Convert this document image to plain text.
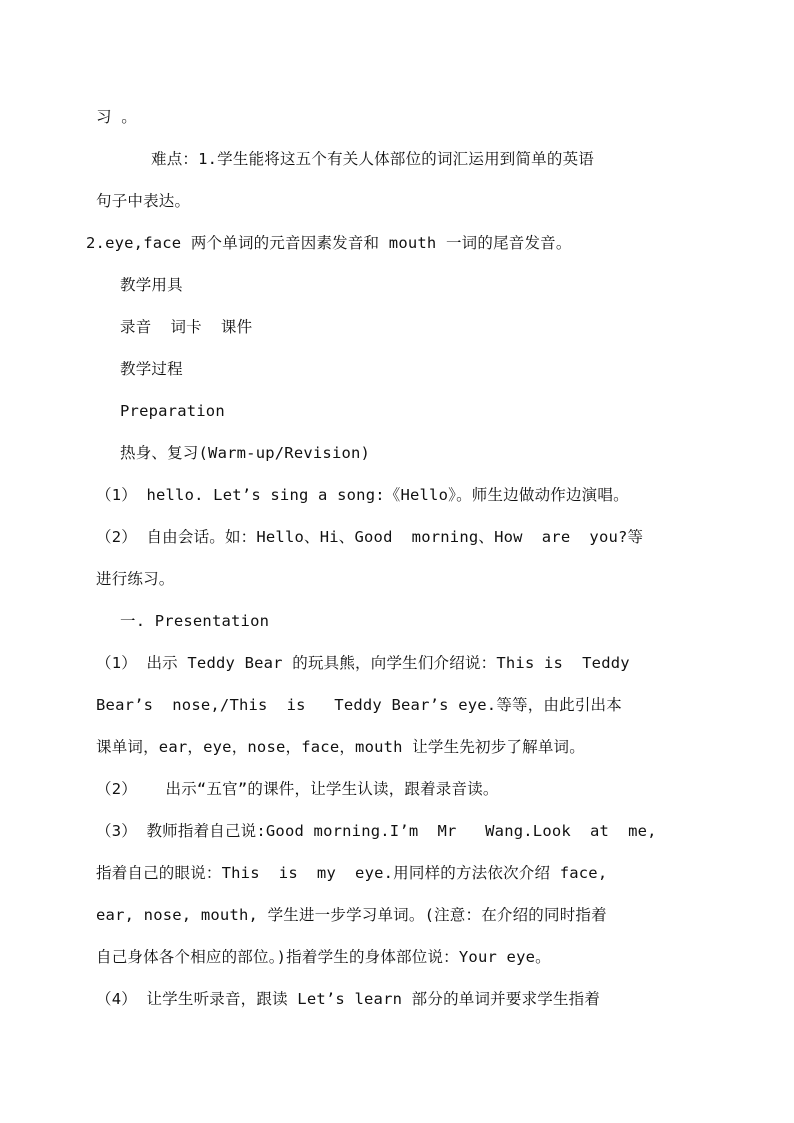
习 。
难点：1.学生能将这五个有关人体部位的词汇运用到简单的英语
句子中表达。
2.eye,face 两个单词的元音因素发音和 mouth 一词的尾音发音。
教学用具
录音  词卡  课件
教学过程
Preparation
热身、复习(Warm-up/Revision)
（1） hello. Let’s sing a song:《Hello》。师生边做动作边演唱。
（2） 自由会话。如：Hello、Hi、Good  morning、How  are  you?等
进行练习。
一. Presentation
（1） 出示 Teddy Bear 的玩具熊，向学生们介绍说：This is  Teddy
Bear’s  nose,/This  is   Teddy Bear’s eye.等等，由此引出本
课单词，ear，eye，nose，face，mouth 让学生先初步了解单词。
（2）   出示“五官”的课件，让学生认读，跟着录音读。
（3） 教师指着自己说:Good morning.I’m  Mr   Wang.Look  at  me,
指着自己的眼说：This  is  my  eye.用同样的方法依次介绍 face,
ear, nose, mouth, 学生进一步学习单词。(注意：在介绍的同时指着
自己身体各个相应的部位。)指着学生的身体部位说：Your eye。
（4） 让学生听录音，跟读 Let’s learn 部分的单词并要求学生指着
